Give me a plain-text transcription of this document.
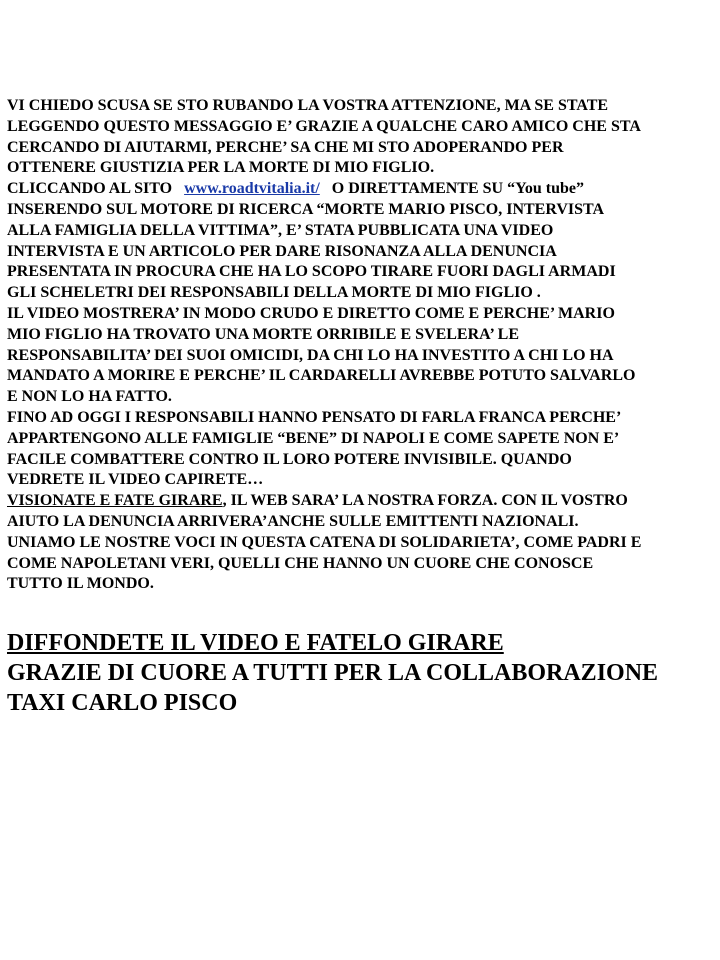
VI CHIEDO SCUSA SE STO RUBANDO LA VOSTRA ATTENZIONE, MA SE STATE
LEGGENDO QUESTO MESSAGGIO E’ GRAZIE A QUALCHE CARO AMICO CHE STA
CERCANDO DI AIUTARMI, PERCHE’ SA CHE MI STO ADOPERANDO PER
OTTENERE GIUSTIZIA PER LA MORTE DI MIO FIGLIO.
CLICCANDO AL SITO   www.roadtvitalia.it/   O DIRETTAMENTE SU “You tube”
INSERENDO SUL MOTORE DI RICERCA “MORTE MARIO PISCO, INTERVISTA
ALLA FAMIGLIA DELLA VITTIMA”, E’ STATA PUBBLICATA UNA VIDEO
INTERVISTA E UN ARTICOLO PER DARE RISONANZA ALLA DENUNCIA
PRESENTATA IN PROCURA CHE HA LO SCOPO TIRARE FUORI DAGLI ARMADI
GLI SCHELETRI DEI RESPONSABILI DELLA MORTE DI MIO FIGLIO .
IL VIDEO MOSTRERA’ IN MODO CRUDO E DIRETTO COME E PERCHE’ MARIO
MIO FIGLIO HA TROVATO UNA MORTE ORRIBILE E SVELERA’ LE
RESPONSABILITA’ DEI SUOI OMICIDI, DA CHI LO HA INVESTITO A CHI LO HA
MANDATO A MORIRE E PERCHE’ IL CARDARELLI AVREBBE POTUTO SALVARLO
E NON LO HA FATTO.
FINO AD OGGI I RESPONSABILI HANNO PENSATO DI FARLA FRANCA PERCHE’
APPARTENGONO ALLE FAMIGLIE “BENE” DI NAPOLI E COME SAPETE NON E’
FACILE COMBATTERE CONTRO IL LORO POTERE INVISIBILE. QUANDO
VEDRETE IL VIDEO CAPIRETE…
VISIONATE E FATE GIRARE, IL WEB SARA’ LA NOSTRA FORZA. CON IL VOSTRO
AIUTO LA DENUNCIA ARRIVERA’ANCHE SULLE EMITTENTI NAZIONALI.
UNIAMO LE NOSTRE VOCI IN QUESTA CATENA DI SOLIDARIETA’, COME PADRI E
COME NAPOLETANI VERI, QUELLI CHE HANNO UN CUORE CHE CONOSCE
TUTTO IL MONDO.
DIFFONDETE IL VIDEO E FATELO GIRARE
GRAZIE DI CUORE A TUTTI PER LA COLLABORAZIONE
TAXI CARLO PISCO
